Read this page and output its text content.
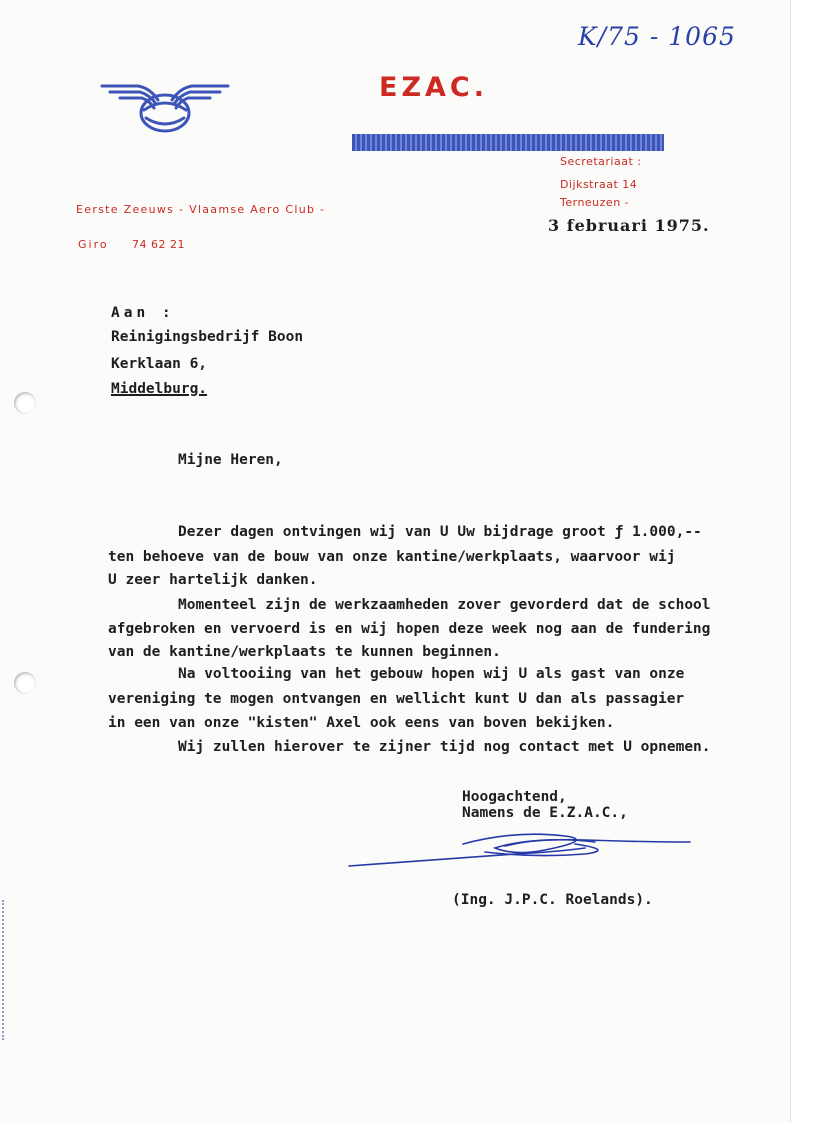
K/75 - 1065
EZAC.
Secretariaat :
Dijkstraat 14
Terneuzen -
Eerste Zeeuws - Vlaamse Aero Club -
Giro 74 62 21
3 februari 1975.
Aan :
Reinigingsbedrijf Boon
Kerklaan 6,
Middelburg.
Mijne Heren,
Dezer dagen ontvingen wij van U Uw bijdrage groot ƒ 1.000,--
ten behoeve van de bouw van onze kantine/werkplaats, waarvoor wij
U zeer hartelijk danken.
Momenteel zijn de werkzaamheden zover gevorderd dat de school
afgebroken en vervoerd is en wij hopen deze week nog aan de fundering
van de kantine/werkplaats te kunnen beginnen.
Na voltooiing van het gebouw hopen wij U als gast van onze
vereniging te mogen ontvangen en wellicht kunt U dan als passagier
in een van onze "kisten" Axel ook eens van boven bekijken.
Wij zullen hierover te zijner tijd nog contact met U opnemen.
Hoogachtend,
Namens de E.Z.A.C.,
(Ing. J.P.C. Roelands).
